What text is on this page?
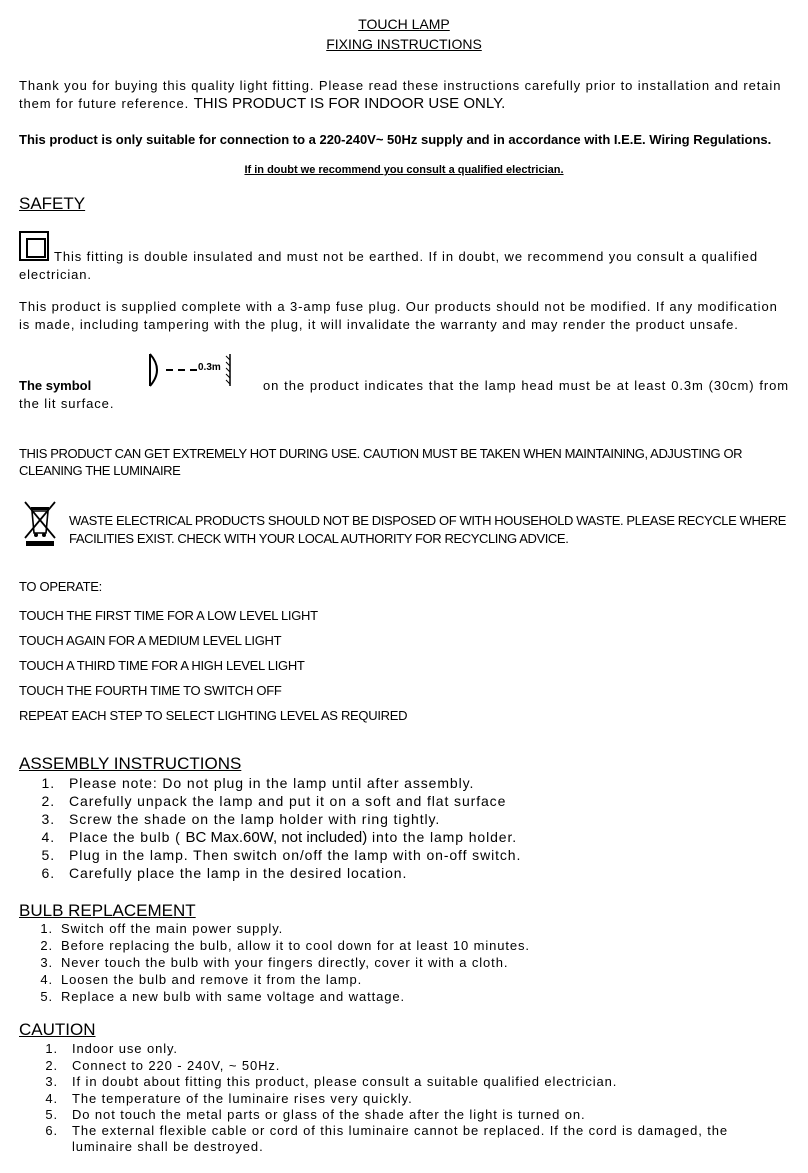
TOUCH LAMP
FIXING INSTRUCTIONS
Thank you for buying this quality light fitting. Please read these instructions carefully prior to installation and retain them for future reference. THIS PRODUCT IS FOR INDOOR USE ONLY.
This product is only suitable for connection to a 220-240V~ 50Hz supply and in accordance with I.E.E. Wiring Regulations.
If in doubt we recommend you consult a qualified electrician.
SAFETY
This fitting is double insulated and must not be earthed. If in doubt, we recommend you consult a qualified electrician.
This product is supplied complete with a 3-amp fuse plug. Our products should not be modified. If any modification is made, including tampering with the plug, it will invalidate the warranty and may render the product unsafe.
The symbol
0.3m
on the product indicates that the lamp head must be at least 0.3m (30cm) from the lit surface.
THIS PRODUCT CAN GET EXTREMELY HOT DURING USE. CAUTION MUST BE TAKEN WHEN MAINTAINING, ADJUSTING OR CLEANING THE LUMINAIRE
WASTE ELECTRICAL PRODUCTS SHOULD NOT BE DISPOSED OF WITH HOUSEHOLD WASTE. PLEASE RECYCLE WHERE FACILITIES EXIST. CHECK WITH YOUR LOCAL AUTHORITY FOR RECYCLING ADVICE.
TO OPERATE:
TOUCH THE FIRST TIME FOR A LOW LEVEL LIGHT
TOUCH AGAIN FOR A MEDIUM LEVEL LIGHT
TOUCH A THIRD TIME FOR A HIGH LEVEL LIGHT
TOUCH THE FOURTH TIME TO SWITCH OFF
REPEAT EACH STEP TO SELECT LIGHTING LEVEL AS REQUIRED
ASSEMBLY INSTRUCTIONS
1. Please note: Do not plug in the lamp until after assembly.
2. Carefully unpack the lamp and put it on a soft and flat surface
3. Screw the shade on the lamp holder with ring tightly.
4. Place the bulb ( BC Max.60W, not included) into the lamp holder.
5. Plug in the lamp. Then switch on/off the lamp with on-off switch.
6. Carefully place the lamp in the desired location.
BULB REPLACEMENT
1. Switch off the main power supply.
2. Before replacing the bulb, allow it to cool down for at least 10 minutes.
3. Never touch the bulb with your fingers directly, cover it with a cloth.
4. Loosen the bulb and remove it from the lamp.
5. Replace a new bulb with same voltage and wattage.
CAUTION
1. Indoor use only.
2. Connect to 220 - 240V, ~ 50Hz.
3. If in doubt about fitting this product, please consult a suitable qualified electrician.
4. The temperature of the luminaire rises very quickly.
5. Do not touch the metal parts or glass of the shade after the light is turned on.
6. The external flexible cable or cord of this luminaire cannot be replaced. If the cord is damaged, the luminaire shall be destroyed.
